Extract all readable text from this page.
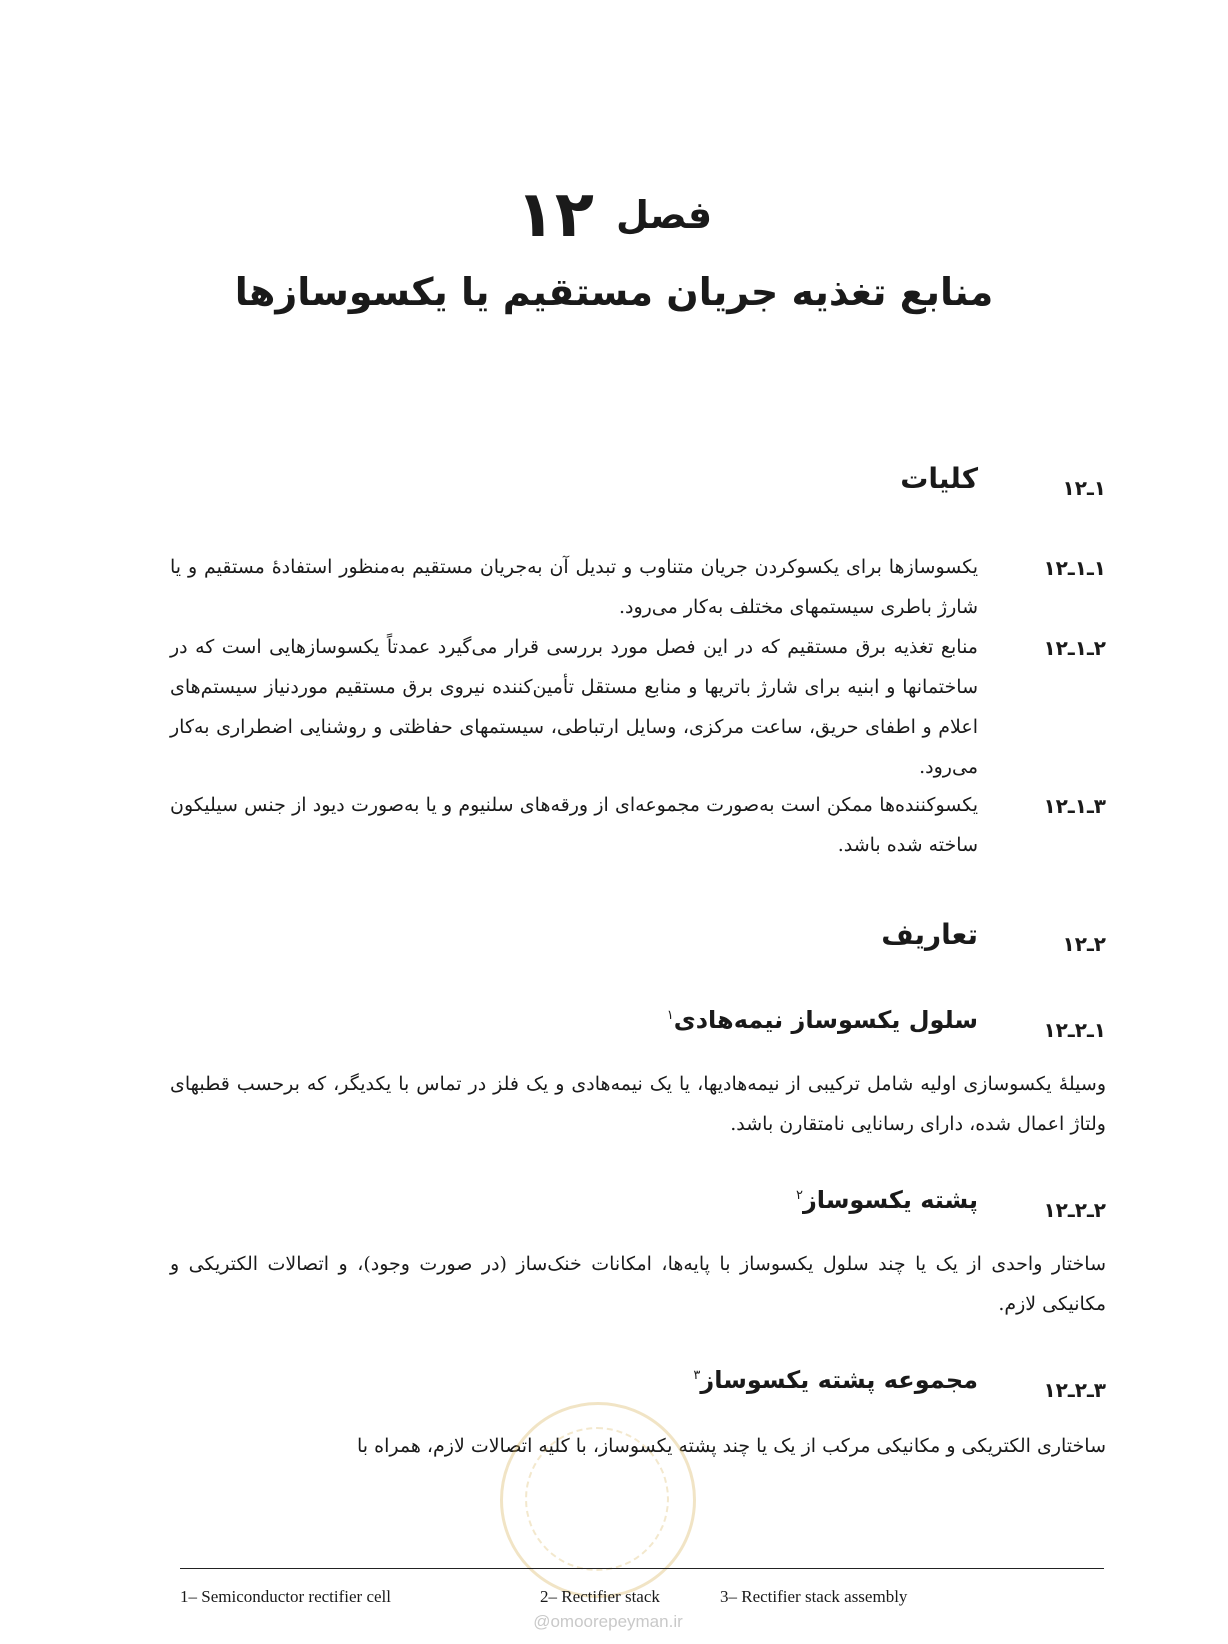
فصل۱۲
منابع تغذیه جریان مستقیم یا یکسوسازها
۱ـ۱۲
کلیات
۱ـ۱ـ۱۲
یکسوسازها برای یکسوکردن جریان متناوب و تبدیل آن به‌جریان مستقیم به‌منظور استفادهٔ مستقیم و یا شارژ باطری سیستمهای مختلف به‌کار می‌رود.
۲ـ۱ـ۱۲
منابع تغذیه برق مستقیم که در این فصل مورد بررسی قرار می‌گیرد عمدتاً یکسوسازهایی است که در ساختمانها و ابنیه برای شارژ باتریها و منابع مستقل تأمین‌کننده نیروی برق مستقیم موردنیاز سیستم‌های اعلام و اطفای حریق، ساعت مرکزی، وسایل ارتباطی، سیستمهای حفاظتی و روشنایی اضطراری به‌کار می‌رود.
۳ـ۱ـ۱۲
یکسوکننده‌ها ممکن است به‌صورت مجموعه‌ای از ورقه‌های سلنیوم و یا به‌صورت دیود از جنس سیلیکون ساخته شده باشد.
۲ـ۱۲
تعاریف
۱ـ۲ـ۱۲
سلول یکسوساز نیمه‌هادی$^۱$
وسیلهٔ یکسوسازی اولیه شامل ترکیبی از نیمه‌هادیها، یا یک نیمه‌هادی و یک فلز در تماس با یکدیگر، که برحسب قطبهای ولتاژ اعمال شده، دارای رسانایی نامتقارن باشد.
۲ـ۲ـ۱۲
پشته یکسوساز$^۲$
ساختار واحدی از یک یا چند سلول یکسوساز با پایه‌ها، امکانات خنک‌ساز (در صورت وجود)، و اتصالات الکتریکی و مکانیکی لازم.
۳ـ۲ـ۱۲
مجموعه پشته یکسوساز$^۳$
ساختاری الکتریکی و مکانیکی مرکب از یک یا چند پشته یکسوساز، با کلیه اتصالات لازم، همراه با
1– Semiconductor rectifier cell	2– Rectifier stack	3– Rectifier stack assembly
@omoorepeyman.ir
